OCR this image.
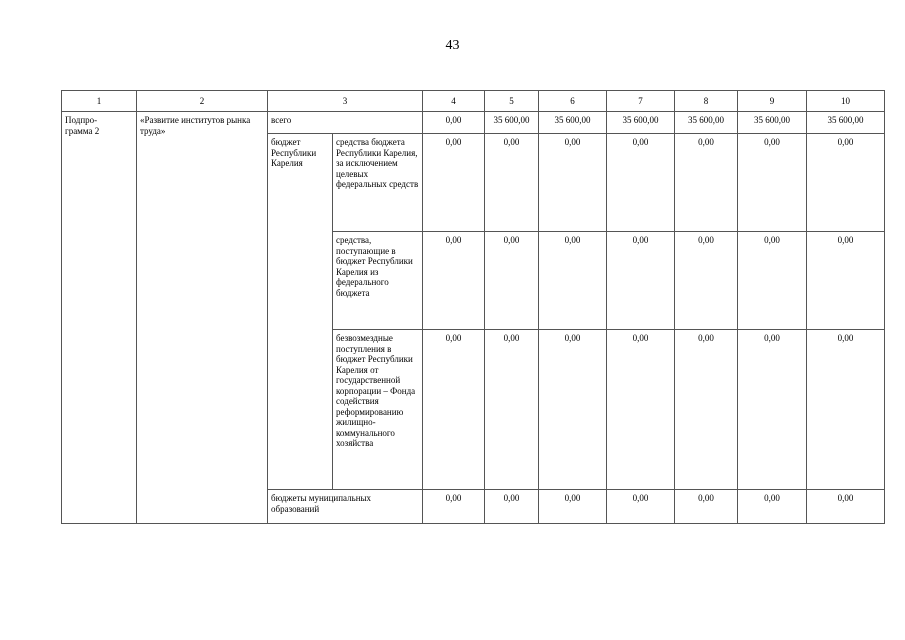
43
1	2	3		4	5	6	7	8	9	10
Подпро-
грамма 2	«Развитие институтов рынка труда»	всего		0,00	35 600,00	35 600,00	35 600,00	35 600,00	35 600,00	35 600,00
		бюджет Республики Карелия	средства бюджета Республики Карелия, за исключением целевых федеральных средств	0,00	0,00	0,00	0,00	0,00	0,00	0,00
			средства, поступающие в бюджет Республики Карелия из федерального бюджета	0,00	0,00	0,00	0,00	0,00	0,00	0,00
			безвозмездные поступления в бюджет Республики Карелия от государственной корпорации – Фонда содействия реформированию жилищно-коммунального хозяйства	0,00	0,00	0,00	0,00	0,00	0,00	0,00
		бюджеты муниципальных образований		0,00	0,00	0,00	0,00	0,00	0,00	0,00
